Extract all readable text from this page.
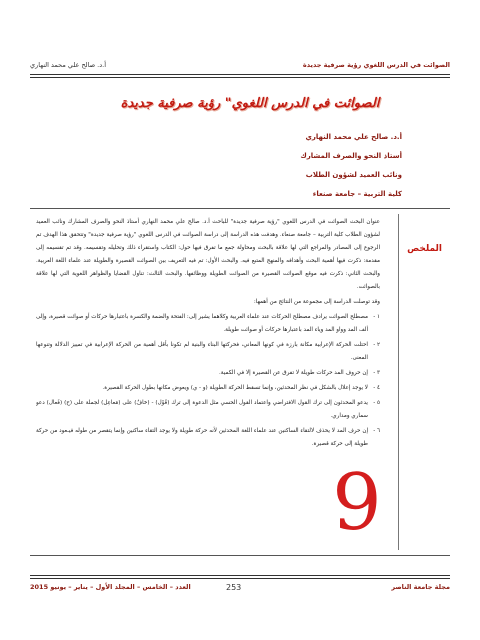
أ.د. صالح علي محمد النهاري	الصوائت في الدرس اللغوي رؤية صرفية جديدة
الصوائت في الدرس اللغوي" رؤية صرفية جديدة
أ.د. صالح علي محمد النهاري
أستاذ النحو والصرف المشارك
ونائب العميد لشؤون الطلاب
كلية التربية – جامعة صنعاء
الملخص
9

عنوان البحث الصوائت في الدرس اللغوي "رؤية صرفية جديدة" للباحث أ.د. صالح علي محمد النهاري أستاذ النحو والصرف المشارك ونائب العميد لشؤون الطلاب كلية التربية – جامعة صنعاء. وهدفت هذه الدراسة إلى دراسة الصوائت في الدرس اللغوي "رؤية صرفية جديدة" وتتحقق هذا الهدف تم الرجوع إلى المصادر والمراجع التي لها علاقة بالبحث ومحاولة جمع ما تفرق فيها حول: الكتاب واستقراء ذلك وتحليله وتقسيمه. وقد تم تقسيمه إلى مقدمة: ذكرت فيها أهمية البحث وأهدافه والمنهج المتبع فيه. والبحث الأول: تم فيه التعريف بين الصوائت القصيرة والطويلة عند علماء اللغة العربية. والبحث الثاني: ذكرت فيه موقع الصوائت القصيرة من الصوائت الطويلة ووظائفها. والبحث الثالث: تناول القضايا والظواهر اللغوية التي لها علاقة بالصوائت.

وقد توصلت الدراسة إلى مجموعة من النتائج من أهمها:

١ -
مصطلح الصوائت يرادف مصطلح الحركات عند علماء العربية وكلاهما يشير إلى: الفتحة والضمة والكسرة باعتبارها حركات أو صوائت قصيرة، وإلى ألف المد وواو المد وياء المد باعتبارها حركات أو صوائت طويلة.
٢ -
احتلت الحركة الإعرابية مكانة بارزة في كونها المعاني، فحركتها البناء والبنية لم تكونا بأقل أهمية من الحركة الإعرابية في تمييز الدلالة وتنوعها المعنى.
٣ -
إن حروف المد حركات طويلة لا تفرق عن القصيرة إلا في الكمية.
٤ -
لا يوجد إعلال بالشكل في نظر المحدثين، وإنما تسقط الحركة الطويلة (و - ي) ويعوض مكانها بطول الحركة القصيرة.
٥ -
يدعو المحدثون إلى ترك القول الافتراضي واعتماد القول الحسي مثل الدعوة إلى ترك (قَوْل) - (خافٌ) على (مَعاعِل) لجملة على (ح) (فَعال) دعو سماري ومداري.
٦ -
إن حرف المد لا يحذف لالتقاء الساكنين عند علماء اللغة المحدثين لأنه حركة طويلة ولا يوجد التقاء ساكنين وإنما يتقصر من طوله فيـعود من حركة طويلة إلى حركة قصيرة.
العدد – الخامس – المجلد الأول – يناير – يونيو 2015	253	مجلة جامعة الناصر
